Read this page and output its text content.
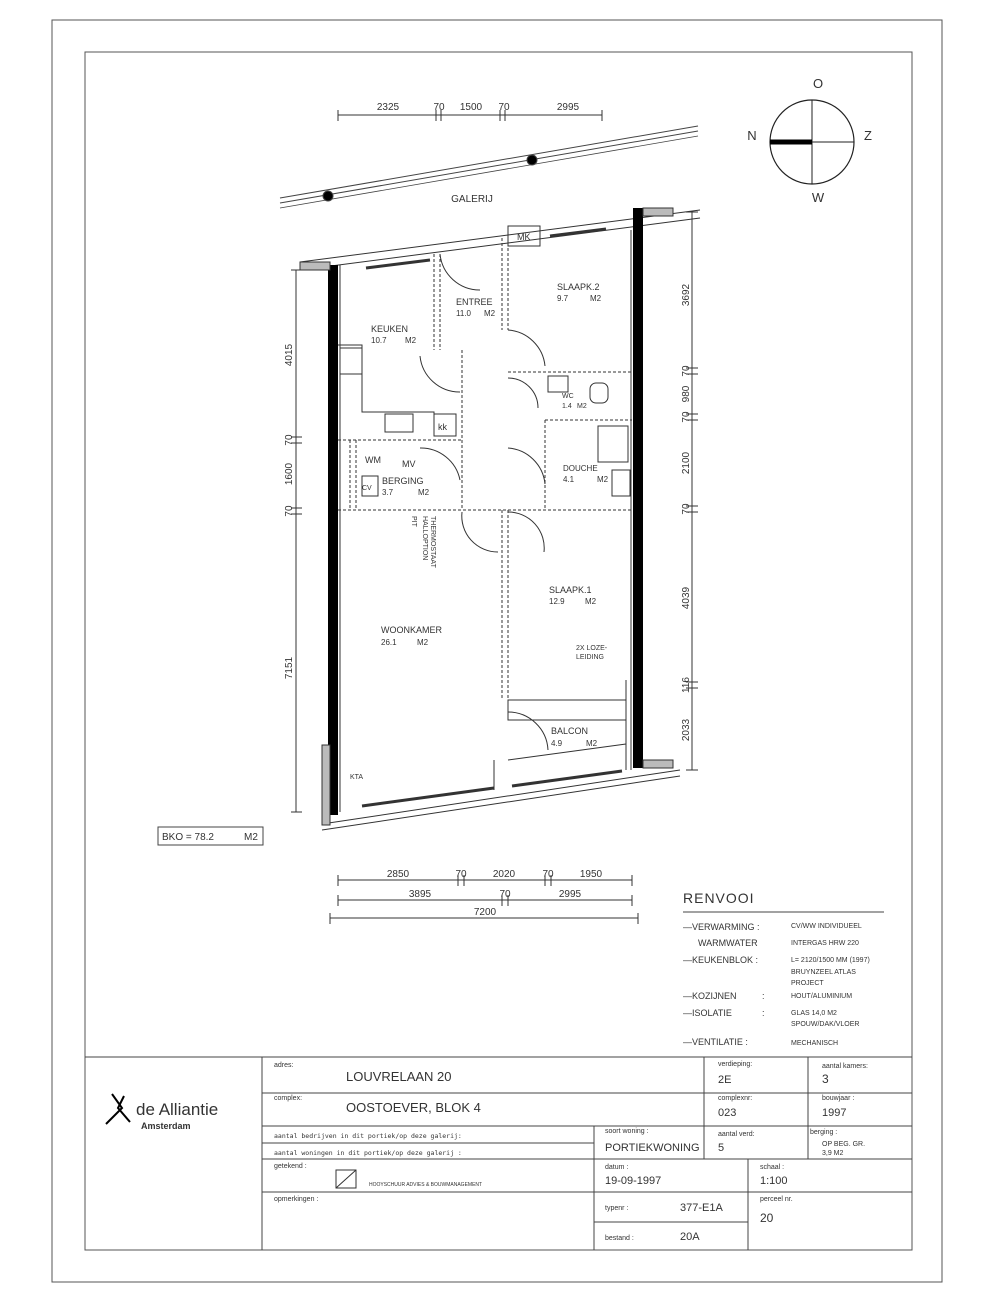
O
N	Z
W
2325	70 1500 70	2995
GALERIJ
ENTREE
11.0 M2
KEUKEN
10.7 M2
SLAAPK.2
9.7	M2
WC
1.4 M2
DOUCHE
4.1	M2
BERGING
3.7	M2
WOONKAMER
26.1	M2
SLAAPK.1
12.9	M2
BALCON
4.9	M2
MK
kk
WM MV
CV
PIT HALLOPTION THERMOSTAAT
2X LOZE-
LEIDING
KTA
4015
70
1600
70
7151
3692
70
980
70
2100
70
4039
116
2033
BKO = 78.2	M2
2850	70	2020	70	1950
3895	70	2995
7200
RENVOOI
—VERWARMING :	CV/WW INDIVIDUEEL
WARMWATER	INTERGAS HRW 220
—KEUKENBLOK :	L= 2120/1500 MM (1997)
BRUYNZEEL ATLAS
PROJECT
—KOZIJNEN	:	HOUT/ALUMINIUM
—ISOLATIE	:	GLAS 14,0 M2
SPOUW/DAK/VLOER
—VENTILATIE :	MECHANISCH
de Alliantie
Amsterdam
adres:
LOUVRELAAN 20
complex:
OOSTOEVER, BLOK 4
aantal bedrijven in dit portiek/op deze galerij:
aantal woningen in dit portiek/op deze galerij :
getekend :
HOOYSCHUUR ADVIES & BOUWMANAGEMENT
opmerkingen :
verdieping:
2E
aantal kamers:
3
complexnr:
023
bouwjaar :
1997
soort woning :
PORTIEKWONING
aantal verd:
5
berging :
OP BEG. GR.
3,9 M2
datum :
19-09-1997
schaal :
1:100
typenr :	377-E1A
perceel nr.
20
bestand :	20A
